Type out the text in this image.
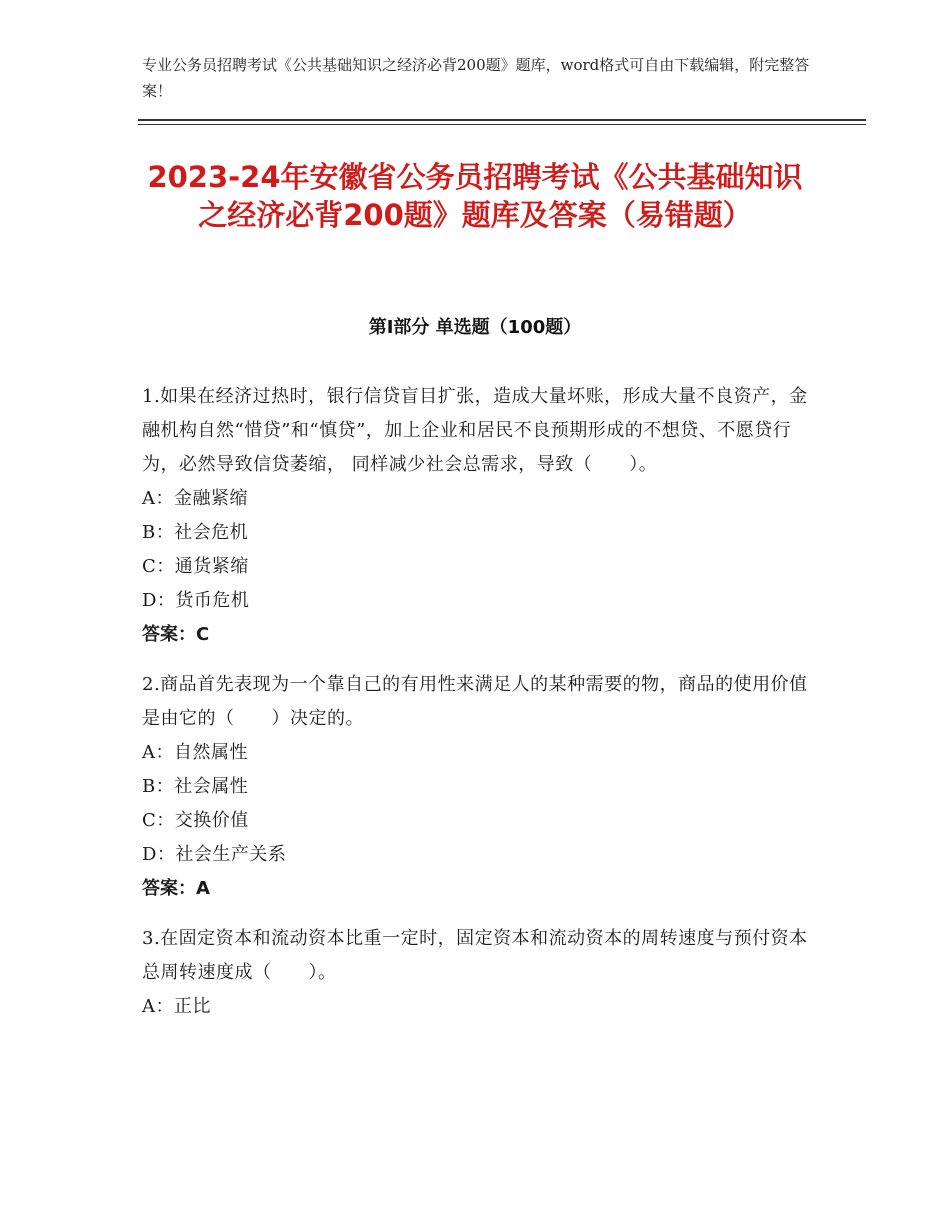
专业公务员招聘考试《公共基础知识之经济必背200题》题库，word格式可自由下载编辑，附完整答案！
2023-24年安徽省公务员招聘考试《公共基础知识之经济必背200题》题库及答案（易错题）
第I部分 单选题（100题）

1.如果在经济过热时，银行信贷盲目扩张，造成大量坏账，形成大量不良资产，金融机构自然“惜贷”和“慎贷”，加上企业和居民不良预期形成的不想贷、不愿贷行为，必然导致信贷萎缩， 同样减少社会总需求，导致（　　）。

A：金融紧缩

B：社会危机

C：通货紧缩

D：货币危机

答案：C

2.商品首先表现为一个靠自己的有用性来满足人的某种需要的物，商品的使用价值是由它的（　　）决定的。

A：自然属性

B：社会属性

C：交换价值

D：社会生产关系

答案：A

3.在固定资本和流动资本比重一定时，固定资本和流动资本的周转速度与预付资本总周转速度成（　　）。

A：正比
